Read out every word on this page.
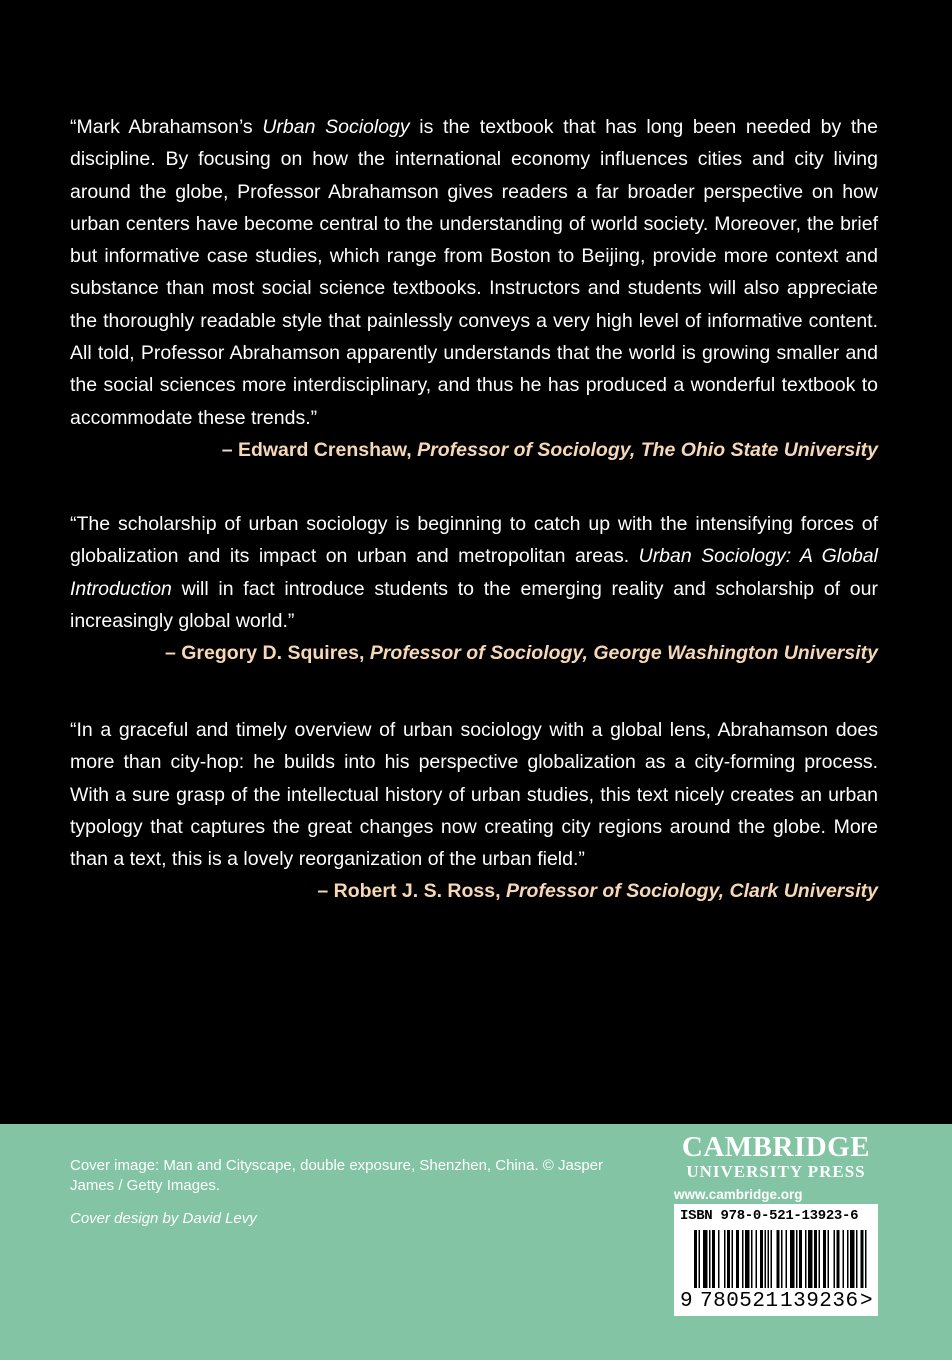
“Mark Abrahamson’s Urban Sociology is the textbook that has long been needed by the discipline. By focusing on how the international economy influences cities and city living around the globe, Professor Abrahamson gives readers a far broader perspective on how urban centers have become central to the understanding of world society. Moreover, the brief but informative case studies, which range from Boston to Beijing, provide more context and substance than most social science textbooks. Instructors and students will also appreciate the thoroughly readable style that painlessly conveys a very high level of informative content. All told, Professor Abrahamson apparently understands that the world is growing smaller and the social sciences more interdisciplinary, and thus he has produced a wonderful textbook to accommodate these trends.”

– Edward Crenshaw, Professor of Sociology, The Ohio State University

“The scholarship of urban sociology is beginning to catch up with the intensifying forces of globalization and its impact on urban and metropolitan areas. Urban Sociology: A Global Introduction will in fact introduce students to the emerging reality and scholarship of our increasingly global world.”

– Gregory D. Squires, Professor of Sociology, George Washington University

“In a graceful and timely overview of urban sociology with a global lens, Abrahamson does more than city-hop: he builds into his perspective globalization as a city-forming process. With a sure grasp of the intellectual history of urban studies, this text nicely creates an urban typology that captures the great changes now creating city regions around the globe. More than a text, this is a lovely reorganization of the urban field.”

– Robert J. S. Ross, Professor of Sociology, Clark University
Cover image: Man and Cityscape, double exposure, Shenzhen, China. © Jasper James / Getty Images.
Cover design by David Levy
CAMBRIDGE
UNIVERSITY PRESS
www.cambridge.org
ISBN 978-0-521-13923-6
9 780521 139236 >
